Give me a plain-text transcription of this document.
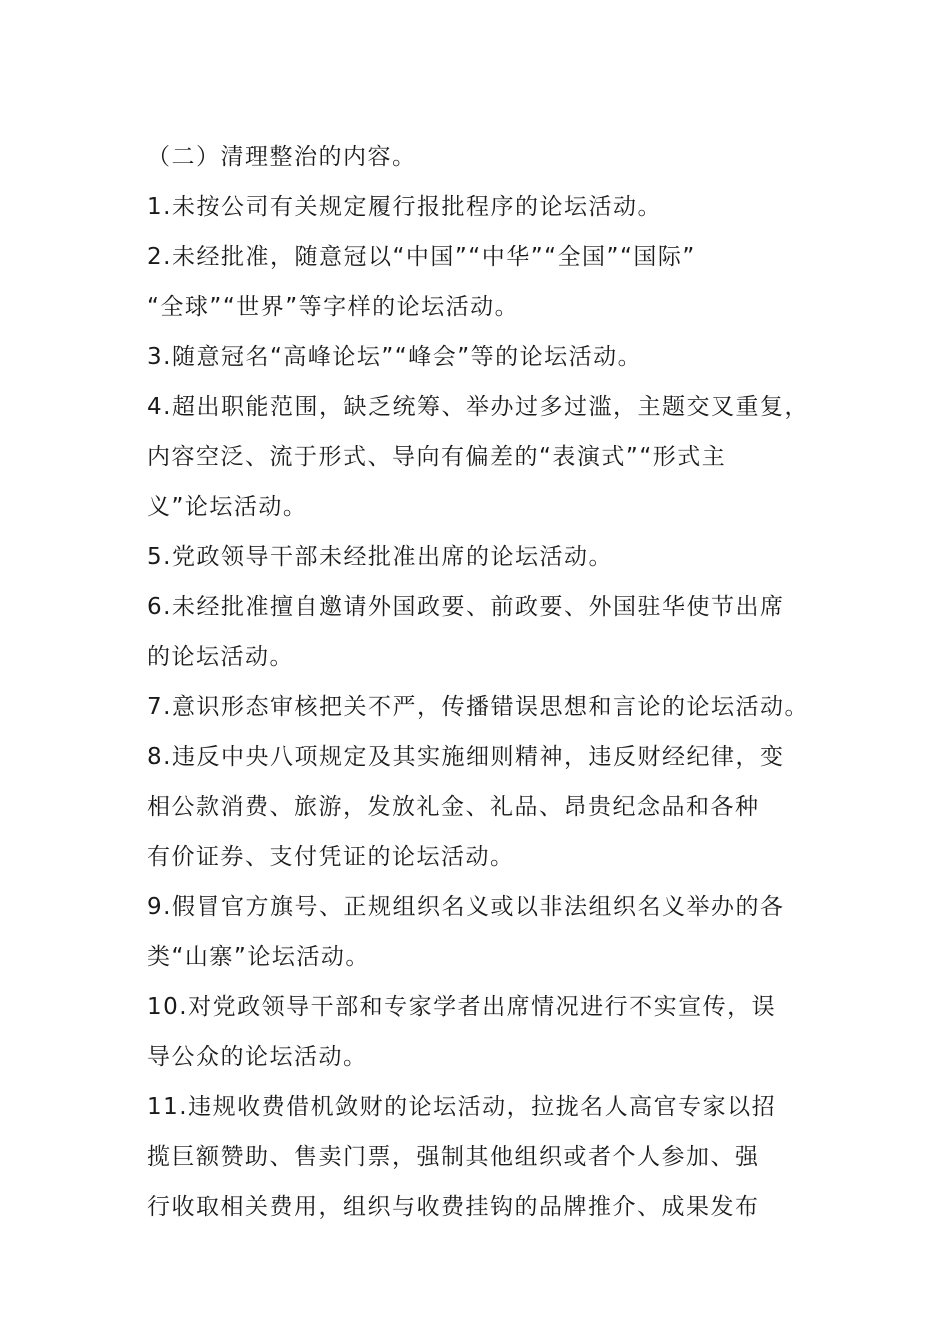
（二）清理整治的内容。
1.未按公司有关规定履行报批程序的论坛活动。
2.未经批准，随意冠以“中国”“中华”“全国”“国际”
“全球”“世界”等字样的论坛活动。
3.随意冠名“高峰论坛”“峰会”等的论坛活动。
4.超出职能范围，缺乏统筹、举办过多过滥，主题交叉重复，
内容空泛、流于形式、导向有偏差的“表演式”“形式主
义”论坛活动。
5.党政领导干部未经批准出席的论坛活动。
6.未经批准擅自邀请外国政要、前政要、外国驻华使节出席
的论坛活动。
7.意识形态审核把关不严，传播错误思想和言论的论坛活动。
8.违反中央八项规定及其实施细则精神，违反财经纪律，变
相公款消费、旅游，发放礼金、礼品、昂贵纪念品和各种
有价证券、支付凭证的论坛活动。
9.假冒官方旗号、正规组织名义或以非法组织名义举办的各
类“山寨”论坛活动。
10.对党政领导干部和专家学者出席情况进行不实宣传，误
导公众的论坛活动。
11.违规收费借机敛财的论坛活动，拉拢名人高官专家以招
揽巨额赞助、售卖门票，强制其他组织或者个人参加、强
行收取相关费用，组织与收费挂钩的品牌推介、成果发布
